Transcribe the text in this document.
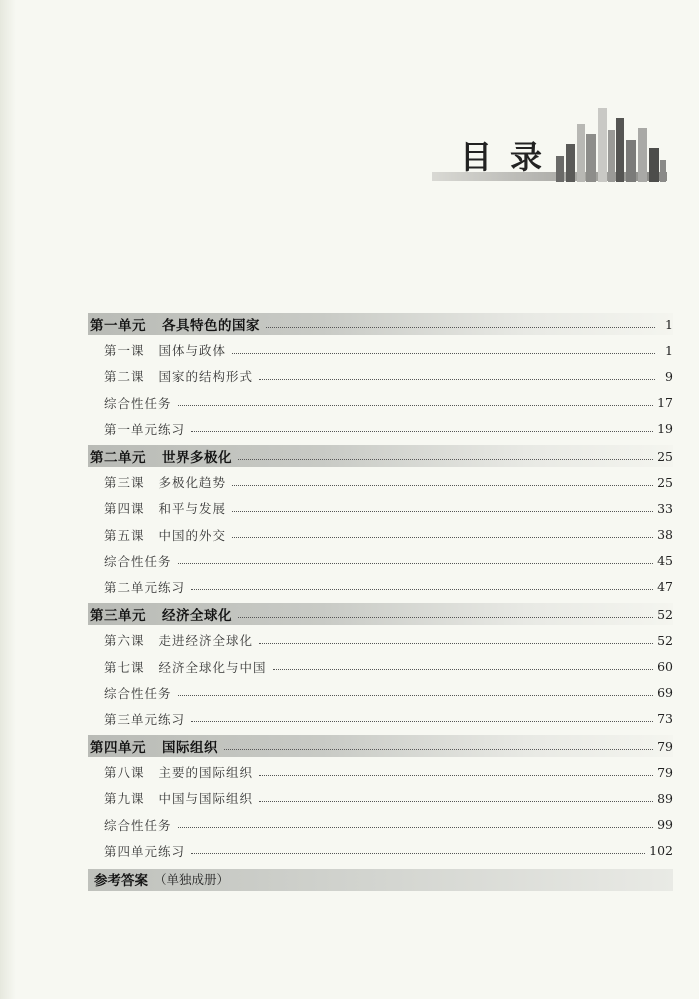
目录
第一单元 各具特色的国家	1
第一课 国体与政体	1
第二课 国家的结构形式	9
综合性任务	17
第一单元练习	19
第二单元 世界多极化	25
第三课 多极化趋势	25
第四课 和平与发展	33
第五课 中国的外交	38
综合性任务	45
第二单元练习	47
第三单元 经济全球化	52
第六课 走进经济全球化	52
第七课 经济全球化与中国	60
综合性任务	69
第三单元练习	73
第四单元 国际组织	79
第八课 主要的国际组织	79
第九课 中国与国际组织	89
综合性任务	99
第四单元练习	102
参考答案 （单独成册）
